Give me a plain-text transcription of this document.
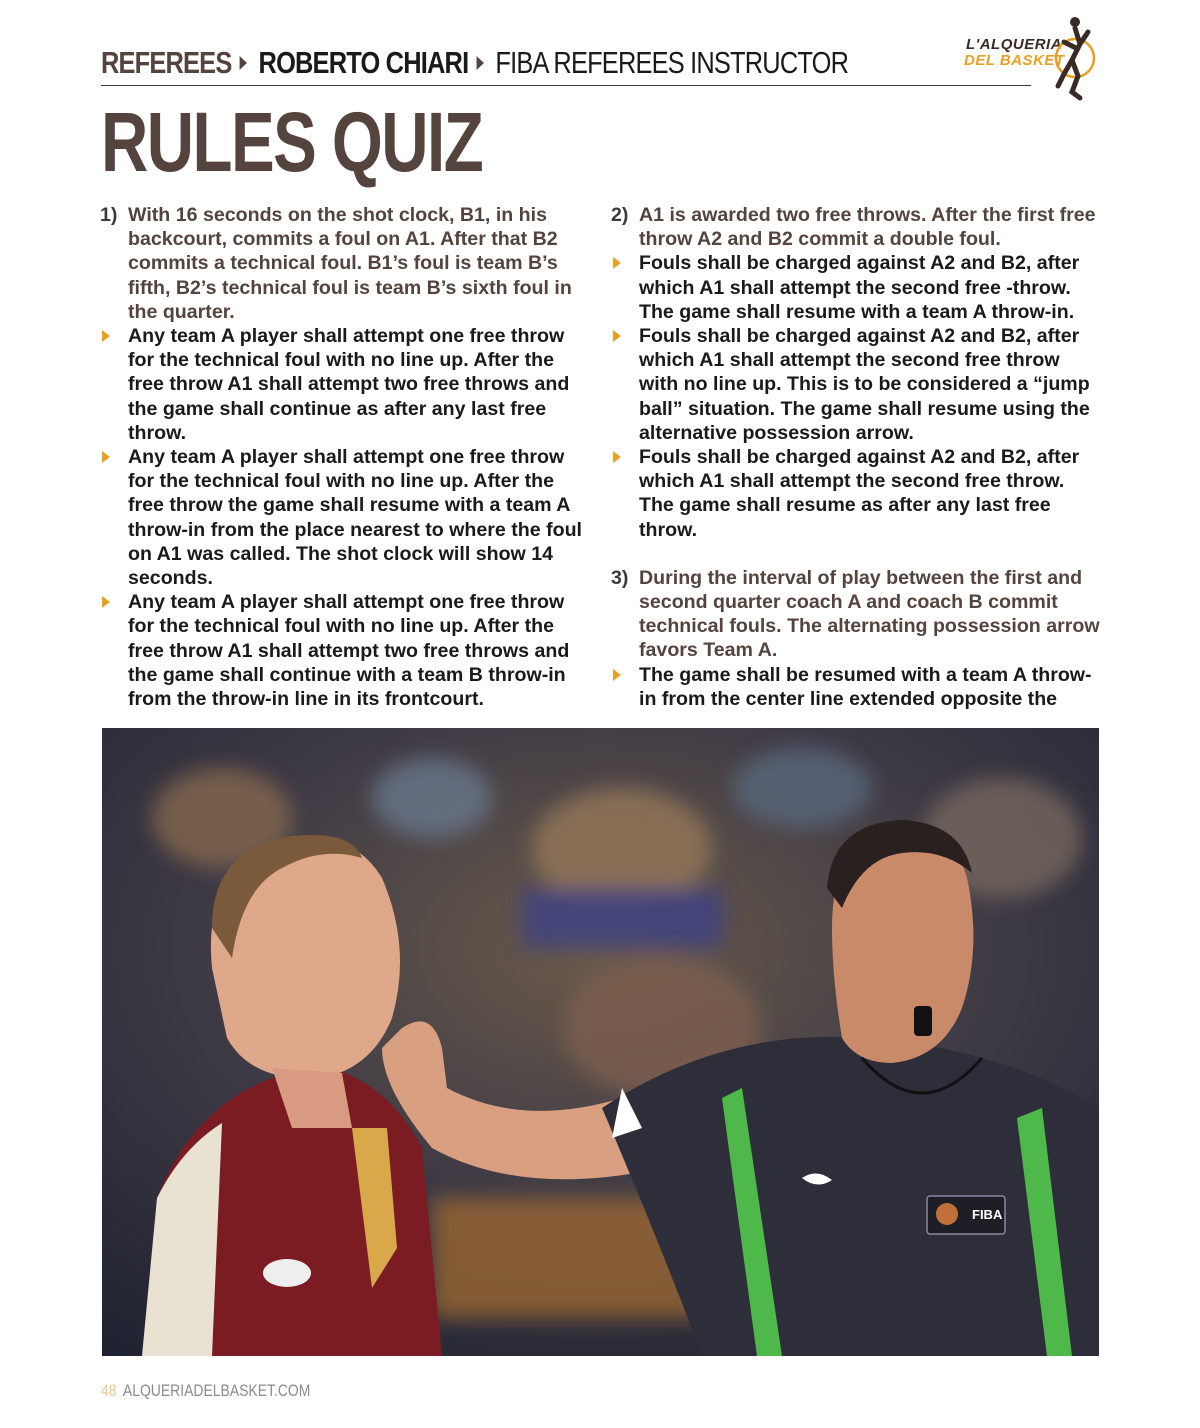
REFEREES ROBERTO CHIARI FIBA REFEREES INSTRUCTOR	L'ALQUERIA
DEL BASKET
RULES QUIZ
1) With 16 seconds on the shot clock, B1, in his backcourt, commits a foul on A1. After that B2 commits a technical foul. B1’s foul is team B’s fifth, B2’s technical foul is team B’s sixth foul in the quarter.
Any team A player shall attempt one free throw for the technical foul with no line up. After the free throw A1 shall attempt two free throws and the game shall continue as after any last free throw.
Any team A player shall attempt one free throw for the technical foul with no line up. After the free throw the game shall resume with a team A throw-in from the place nearest to where the foul on A1 was called. The shot clock will show 14 seconds.
Any team A player shall attempt one free throw for the technical foul with no line up. After the free throw A1 shall attempt two free throws and the game shall continue with a team B throw-in from the throw-in line in its frontcourt.
2) A1 is awarded two free throws. After the first free throw A2 and B2 commit a double foul.
Fouls shall be charged against A2 and B2, after which A1 shall attempt the second free -throw. The game shall resume with a team A throw-in.
Fouls shall be charged against A2 and B2, after which A1 shall attempt the second free throw with no line up. This is to be considered a “jump ball” situation. The game shall resume using the alternative possession arrow.
Fouls shall be charged against A2 and B2, after which A1 shall attempt the second free throw. The game shall resume as after any last free throw.
3) During the interval of play between the first and second quarter coach A and coach B commit technical fouls. The alternating possession arrow favors Team A.
The game shall be resumed with a team A throw-in from the center line extended opposite the
FIBA
48 ALQUERIADELBASKET.COM
